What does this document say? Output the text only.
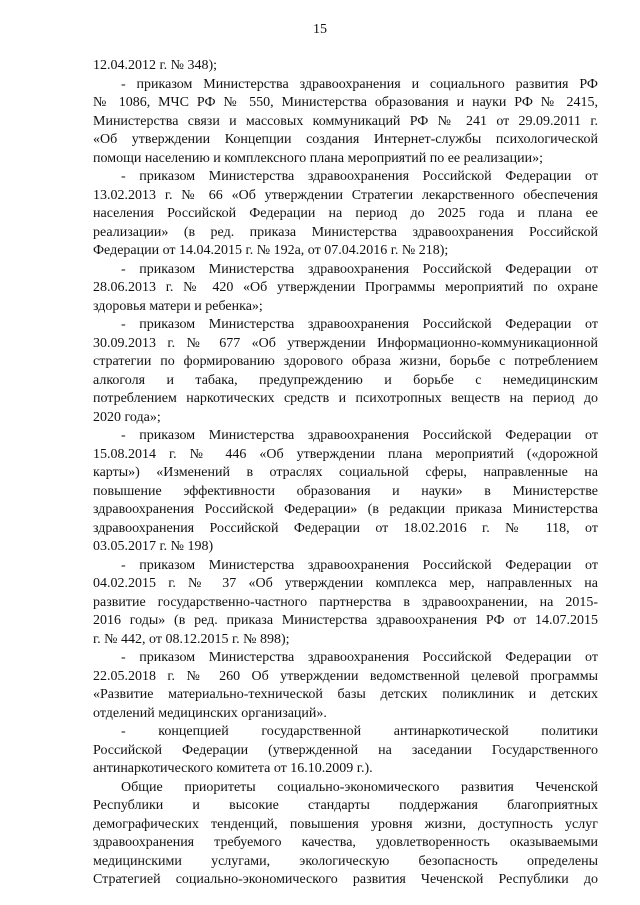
15
12.04.2012 г. № 348);
- приказом Министерства здравоохранения и социального развития РФ
№ 1086, МЧС РФ № 550, Министерства образования и науки РФ № 2415,
Министерства связи и массовых коммуникаций РФ № 241 от 29.09.2011 г.
«Об утверждении Концепции создания Интернет-службы психологической
помощи населению и комплексного плана мероприятий по ее реализации»;
- приказом Министерства здравоохранения Российской Федерации от
13.02.2013 г. № 66 «Об утверждении Стратегии лекарственного обеспечения
населения Российской Федерации на период до 2025 года и плана ее
реализации» (в ред. приказа Министерства здравоохранения Российской
Федерации от 14.04.2015 г. № 192а, от 07.04.2016 г. № 218);
- приказом Министерства здравоохранения Российской Федерации от
28.06.2013 г. № 420 «Об утверждении Программы мероприятий по охране
здоровья матери и ребенка»;
- приказом Министерства здравоохранения Российской Федерации от
30.09.2013 г. № 677 «Об утверждении Информационно-коммуникационной
стратегии по формированию здорового образа жизни, борьбе с потреблением
алкоголя и табака, предупреждению и борьбе с немедицинским
потреблением наркотических средств и психотропных веществ на период до
2020 года»;
- приказом Министерства здравоохранения Российской Федерации от
15.08.2014 г. № 446 «Об утверждении плана мероприятий («дорожной
карты») «Изменений в отраслях социальной сферы, направленные на
повышение эффективности образования и науки» в Министерстве
здравоохранения Российской Федерации» (в редакции приказа Министерства
здравоохранения Российской Федерации от 18.02.2016 г. № 118, от
03.05.2017 г. № 198)
- приказом Министерства здравоохранения Российской Федерации от
04.02.2015 г. № 37 «Об утверждении комплекса мер, направленных на
развитие государственно-частного партнерства в здравоохранении, на 2015-
2016 годы» (в ред. приказа Министерства здравоохранения РФ от 14.07.2015
г. № 442, от 08.12.2015 г. № 898);
- приказом Министерства здравоохранения Российской Федерации от
22.05.2018 г. № 260 Об утверждении ведомственной целевой программы
«Развитие материально-технической базы детских поликлиник и детских
отделений медицинских организаций».
- концепцией государственной антинаркотической политики
Российской Федерации (утвержденной на заседании Государственного
антинаркотического комитета от 16.10.2009 г.).
Общие приоритеты социально-экономического развития Чеченской
Республики и высокие стандарты поддержания благоприятных
демографических тенденций, повышения уровня жизни, доступность услуг
здравоохранения требуемого качества, удовлетворенность оказываемыми
медицинскими услугами, экологическую безопасность определены
Стратегией социально-экономического развития Чеченской Республики до
